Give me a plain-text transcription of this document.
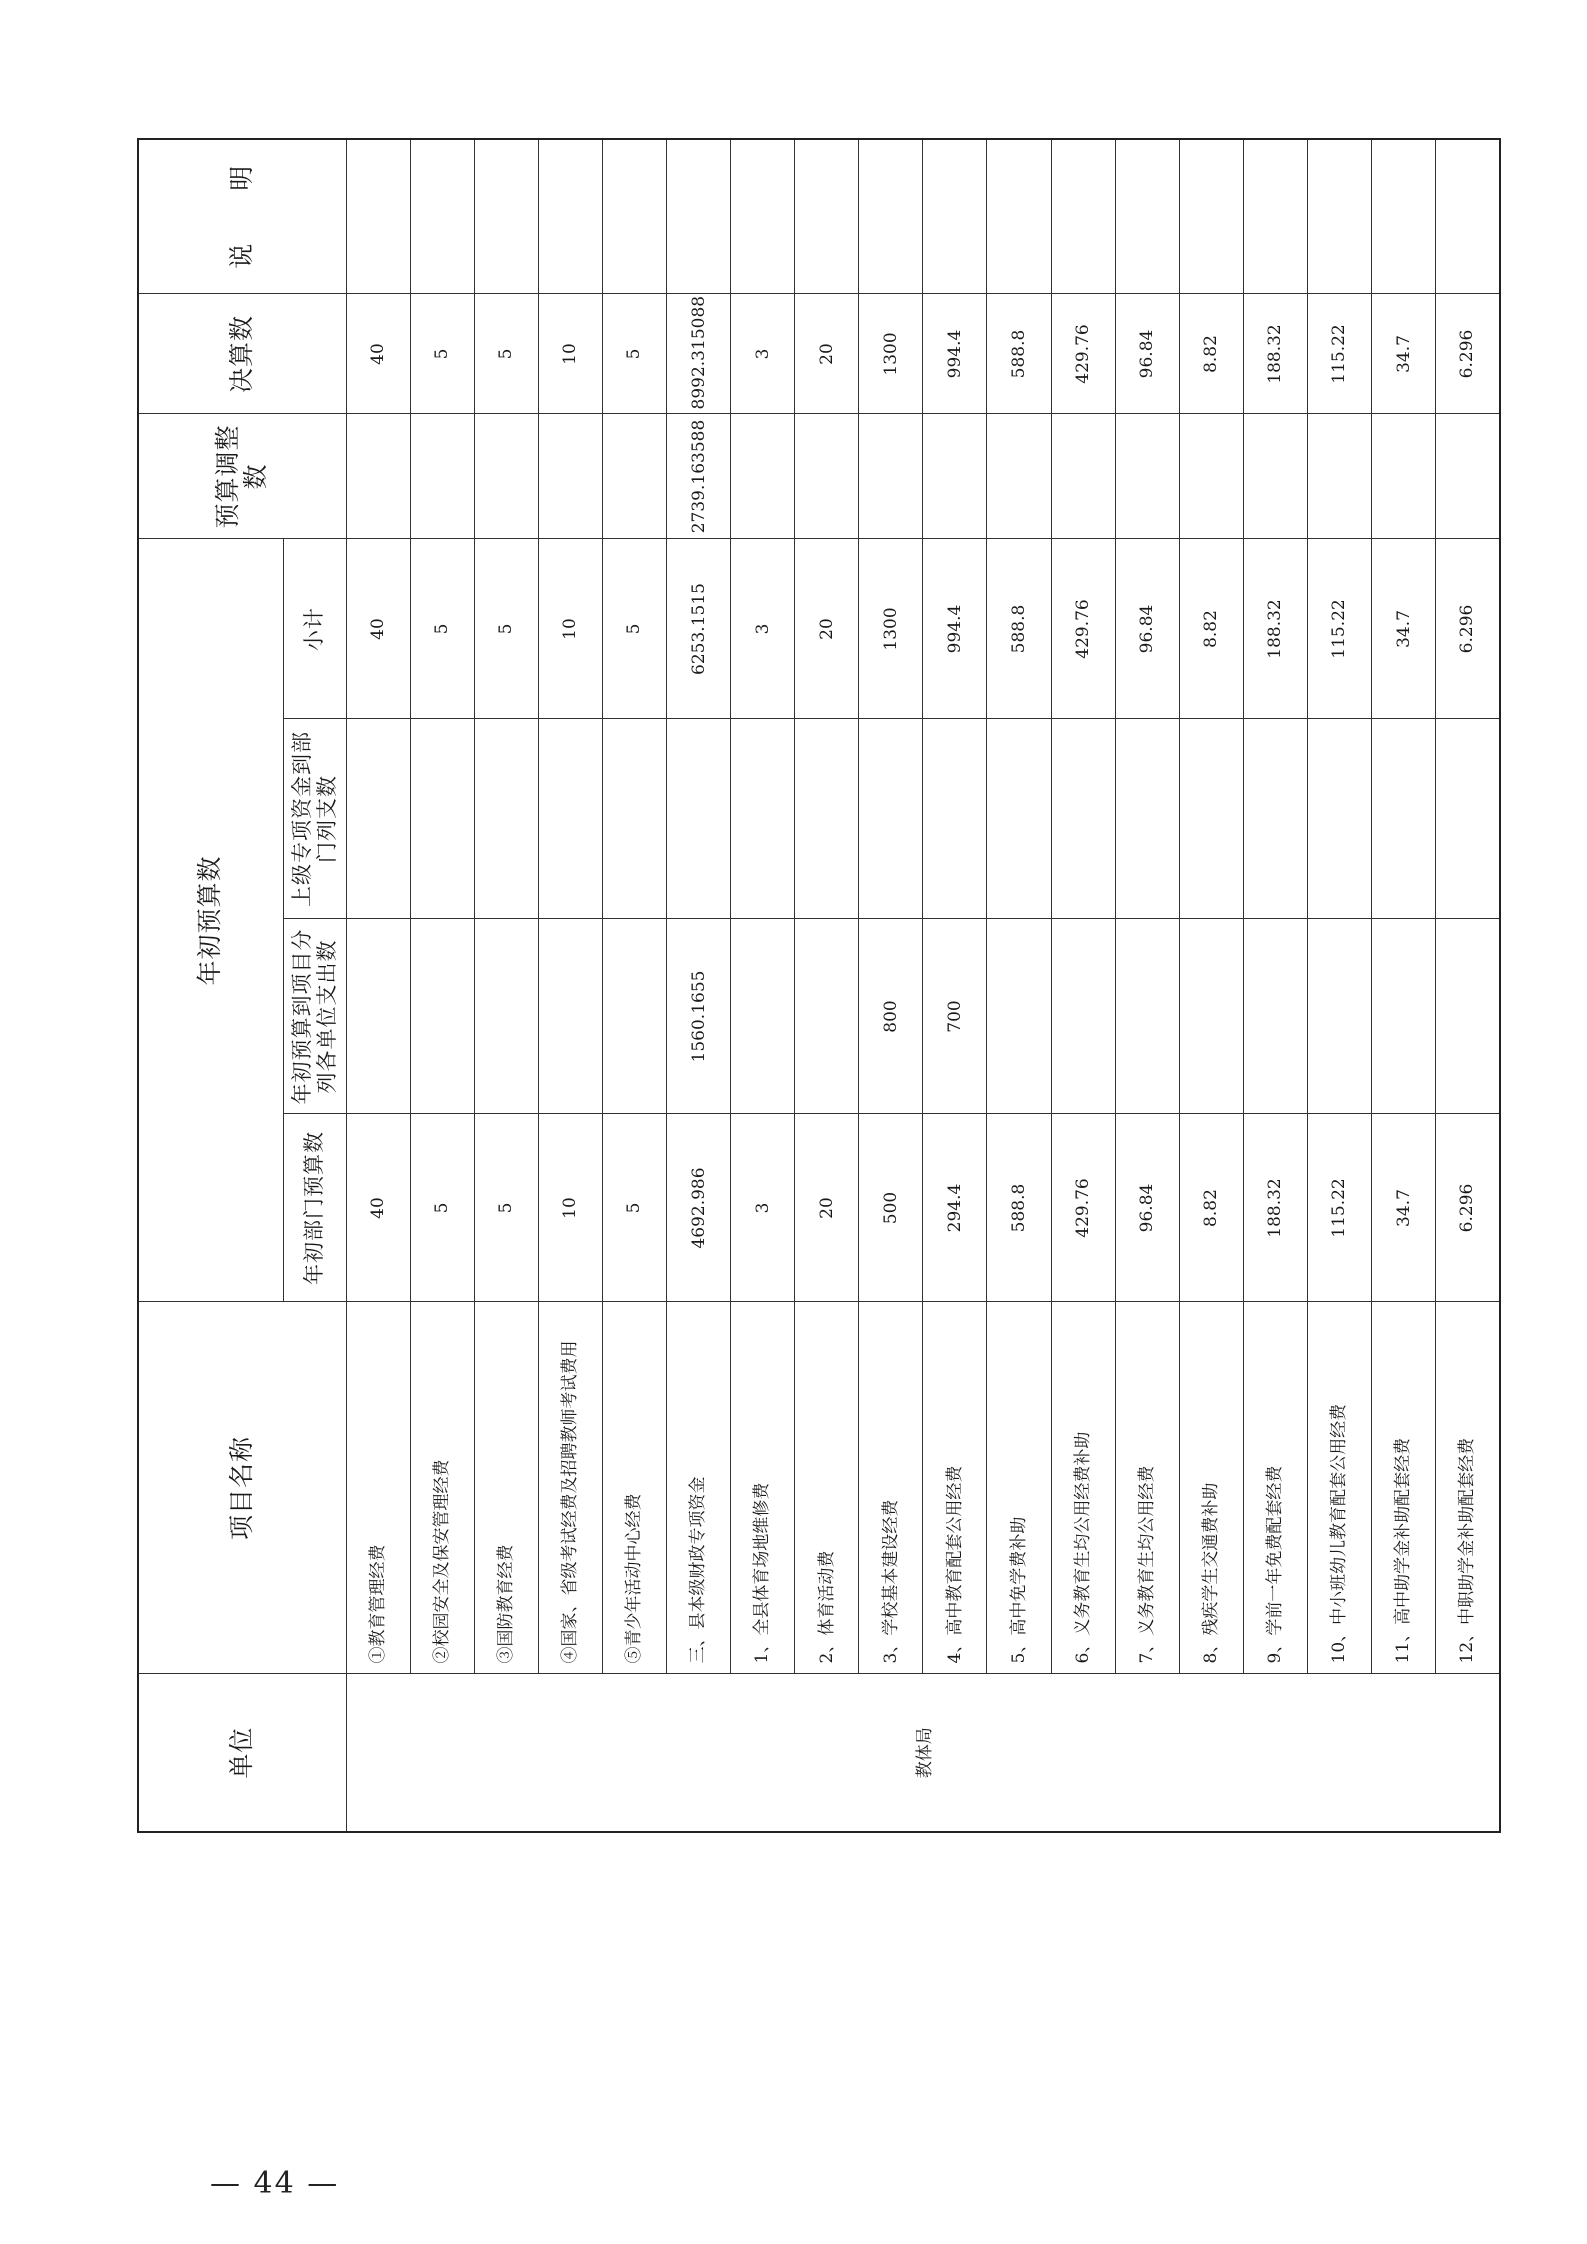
单位	项目名称	年初预算数				预算调整数	决算数	说　　明
		年初部门预算数	年初预算到项目分列各单位支出数	上级专项资金到部门列支数	小计			
教体局	①教育管理经费	40			40		40	
	②校园安全及保安管理经费	5			5		5	
	③国防教育经费	5			5		5	
	④国家、省级考试经费及招聘教师考试费用	10			10		10	
	⑤青少年活动中心经费	5			5		5	
	三、县本级财政专项资金	4692.986	1560.1655		6253.1515	2739.163588	8992.315088	
	1、全县体育场地维修费	3			3		3	
	2、体育活动费	20			20		20	
	3、学校基本建设经费	500	800		1300		1300	
	4、高中教育配套公用经费	294.4	700		994.4		994.4	
	5、高中免学费补助	588.8			588.8		588.8	
	6、义务教育生均公用经费补助	429.76			429.76		429.76	
	7、义务教育生均公用经费	96.84			96.84		96.84	
	8、残疾学生交通费补助	8.82			8.82		8.82	
	9、学前一年免费配套经费	188.32			188.32		188.32	
	10、中小班幼儿教育配套公用经费	115.22			115.22		115.22	
	11、高中助学金补助配套经费	34.7			34.7		34.7	
	12、中职助学金补助配套经费	6.296			6.296		6.296	
— 44 —
